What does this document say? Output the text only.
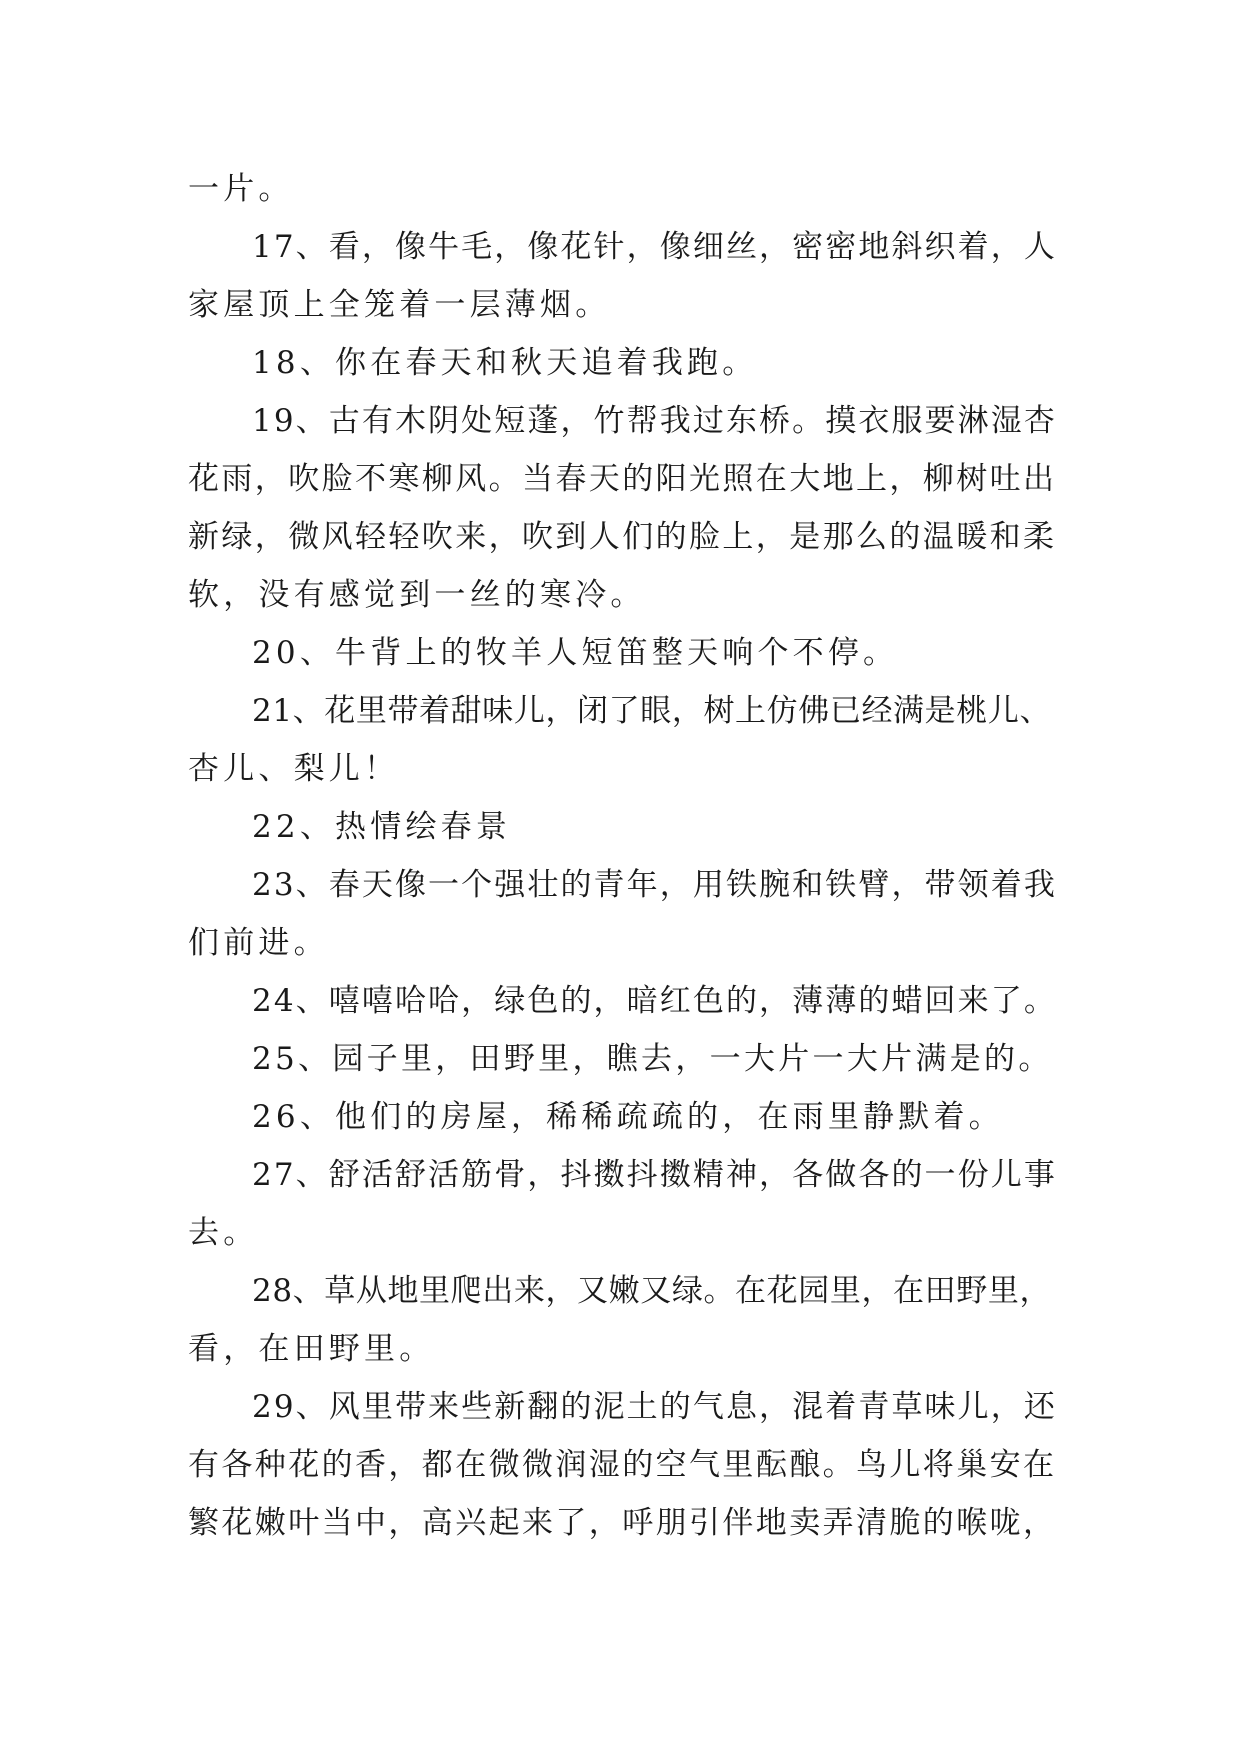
一片。
17、看，像牛毛，像花针，像细丝，密密地斜织着，人
家屋顶上全笼着一层薄烟。
18、你在春天和秋天追着我跑。
19、古有木阴处短蓬，竹帮我过东桥。摸衣服要淋湿杏
花雨，吹脸不寒柳风。当春天的阳光照在大地上，柳树吐出
新绿，微风轻轻吹来，吹到人们的脸上，是那么的温暖和柔
软，没有感觉到一丝的寒冷。
20、牛背上的牧羊人短笛整天响个不停。
21、花里带着甜味儿，闭了眼，树上仿佛已经满是桃儿、
杏儿、梨儿！
22、热情绘春景
23、春天像一个强壮的青年，用铁腕和铁臂，带领着我
们前进。
24、嘻嘻哈哈，绿色的，暗红色的，薄薄的蜡回来了。
25、园子里，田野里，瞧去，一大片一大片满是的。
26、他们的房屋，稀稀疏疏的，在雨里静默着。
27、舒活舒活筋骨，抖擞抖擞精神，各做各的一份儿事
去。
28、草从地里爬出来，又嫩又绿。在花园里，在田野里，
看，在田野里。
29、风里带来些新翻的泥土的气息，混着青草味儿，还
有各种花的香，都在微微润湿的空气里酝酿。鸟儿将巢安在
繁花嫩叶当中，高兴起来了，呼朋引伴地卖弄清脆的喉咙，
